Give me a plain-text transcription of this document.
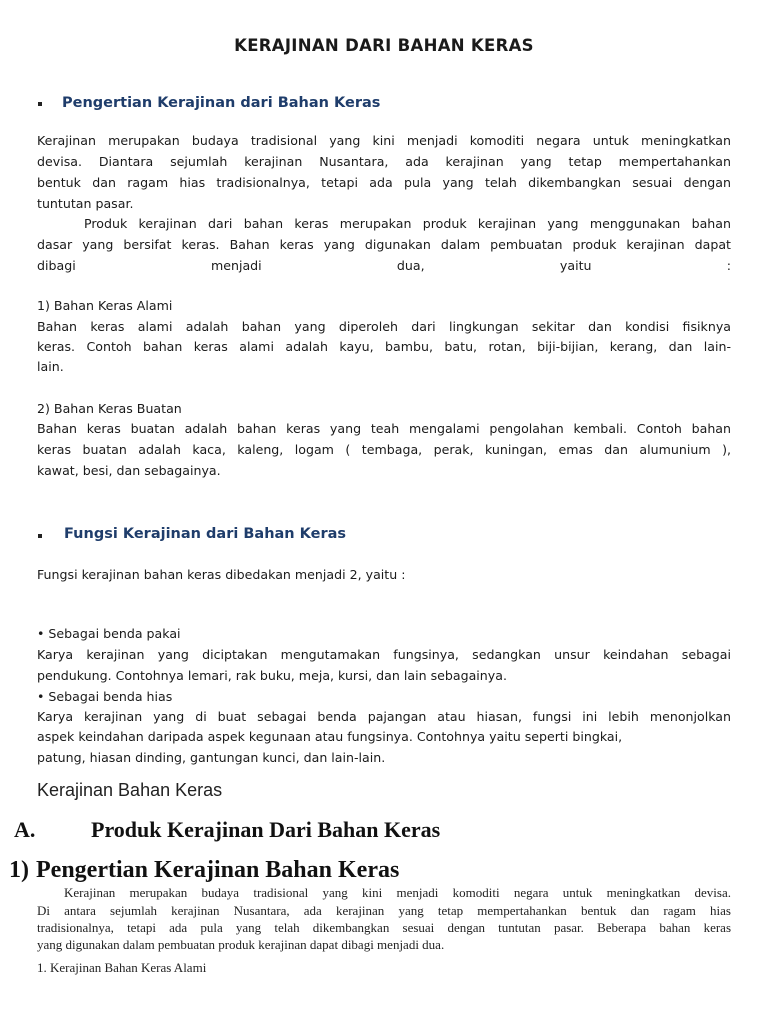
KERAJINAN DARI BAHAN KERAS
Pengertian Kerajinan dari Bahan Keras
Kerajinan merupakan budaya tradisional yang kini menjadi komoditi negara untuk meningkatkan
devisa. Diantara sejumlah kerajinan Nusantara, ada kerajinan yang tetap mempertahankan
bentuk dan ragam hias tradisionalnya, tetapi ada pula yang telah dikembangkan sesuai dengan
tuntutan pasar.
Produk kerajinan dari bahan keras merupakan produk kerajinan yang menggunakan bahan
dasar yang bersifat keras. Bahan keras yang digunakan dalam pembuatan produk kerajinan dapat
dibagi menjadi dua, yaitu :
1) Bahan Keras Alami
Bahan keras alami adalah bahan yang diperoleh dari lingkungan sekitar dan kondisi fisiknya
keras. Contoh bahan keras alami adalah kayu, bambu, batu, rotan, biji-bijian, kerang, dan lain-
lain.
2) Bahan Keras Buatan
Bahan keras buatan adalah bahan keras yang teah mengalami pengolahan kembali. Contoh bahan
keras buatan adalah kaca, kaleng, logam ( tembaga, perak, kuningan, emas dan alumunium ),
kawat, besi, dan sebagainya.
Fungsi Kerajinan dari Bahan Keras
Fungsi kerajinan bahan keras dibedakan menjadi 2, yaitu :
• Sebagai benda pakai
Karya kerajinan yang diciptakan mengutamakan fungsinya, sedangkan unsur keindahan sebagai
pendukung. Contohnya lemari, rak buku, meja, kursi, dan lain sebagainya.
• Sebagai benda hias
Karya kerajinan yang di buat sebagai benda pajangan atau hiasan, fungsi ini lebih menonjolkan
aspek keindahan daripada aspek kegunaan atau fungsinya. Contohnya yaitu seperti bingkai,
patung, hiasan dinding, gantungan kunci, dan lain-lain.
Kerajinan Bahan Keras
A.	Produk Kerajinan Dari Bahan Keras
1) Pengertian Kerajinan Bahan Keras
Kerajinan merupakan budaya tradisional yang kini menjadi komoditi negara untuk meningkatkan devisa.
Di antara sejumlah kerajinan Nusantara, ada kerajinan yang tetap mempertahankan bentuk dan ragam hias
tradisionalnya, tetapi ada pula yang telah dikembangkan sesuai dengan tuntutan pasar. Beberapa bahan keras
yang digunakan dalam pembuatan produk kerajinan dapat dibagi menjadi dua.
1. Kerajinan Bahan Keras Alami
